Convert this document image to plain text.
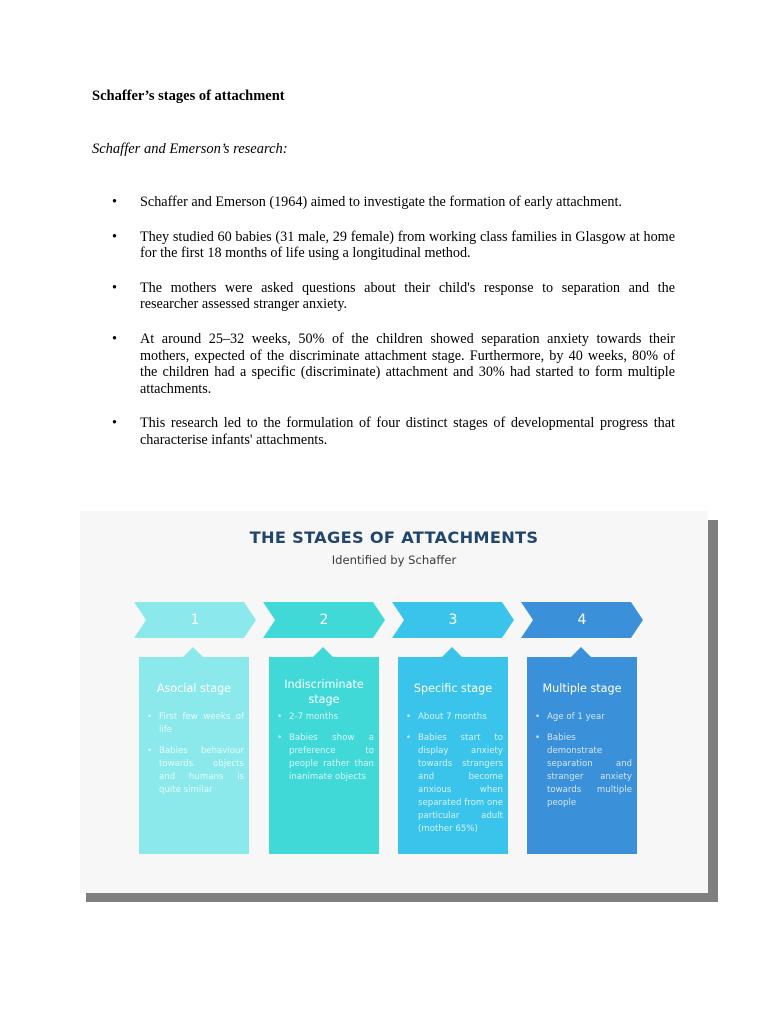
Schaffer’s stages of attachment
Schaffer and Emerson’s research:
• Schaffer and Emerson (1964) aimed to investigate the formation of early attachment.
• They studied 60 babies (31 male, 29 female) from working class families in Glasgow at home for the first 18 months of life using a longitudinal method.
• The mothers were asked questions about their child's response to separation and the researcher assessed stranger anxiety.
• At around 25–32 weeks, 50% of the children showed separation anxiety towards their mothers, expected of the discriminate attachment stage. Furthermore, by 40 weeks, 80% of the children had a specific (discriminate) attachment and 30% had started to form multiple attachments.
• This research led to the formulation of four distinct stages of developmental progress that characterise infants' attachments.
THE STAGES OF ATTACHMENTS
Identified by Schaffer
1	2	3	4
Asocial stage
• First few weeks of life
• Babies behaviour towards objects and humans is quite similar
Indiscriminate stage
• 2-7 months
• Babies show a preference to people rather than inanimate objects
Specific stage
• About 7 months
• Babies start to display anxiety towards strangers and become anxious when separated from one particular adult (mother 65%)
Multiple stage
• Age of 1 year
• Babies demonstrate separation and stranger anxiety towards multiple people
